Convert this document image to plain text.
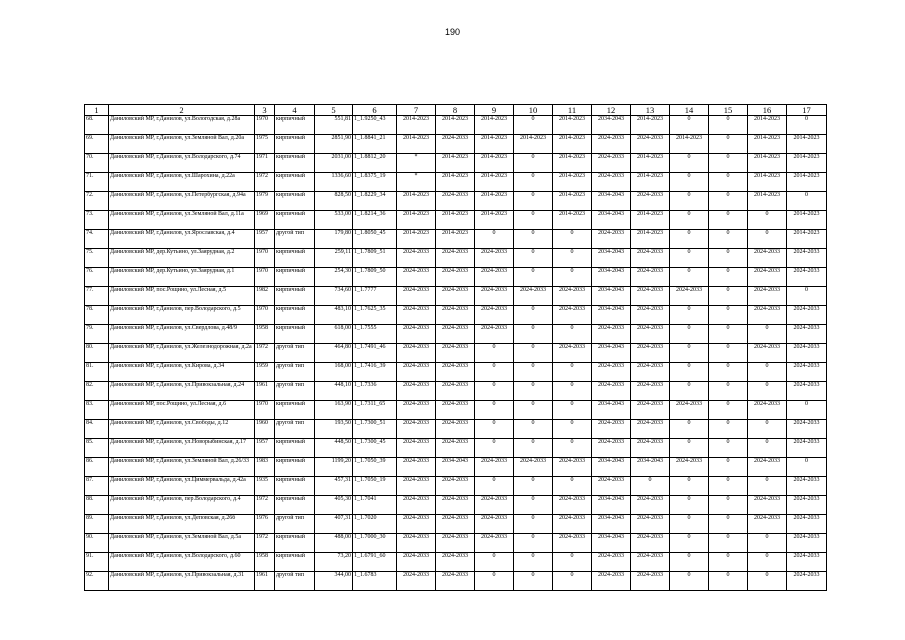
190
1	2	3	4	5	6	7	8	9	10	11	12	13	14	15	16	17
68.	Даниловский МР, г.Данилов, ул.Вологодская, д.28а	1970	кирпичный	551,81	1_1.9250_43	2014-2023	2014-2023	2014-2023	0	2014-2023	2034-2043	2014-2023	0	0	2014-2023	0
69.	Даниловский МР, г.Данилов, ул.Земляной Вал, д.20а	1975	кирпичный	2851,90	1_1.8841_21	2014-2023	2024-2033	2014-2023	2014-2023	2014-2023	2024-2033	2024-2033	2014-2023	0	2014-2023	2014-2023
70.	Даниловский МР, г.Данилов, ул.Володарского, д.74	1971	кирпичный	2031,00	1_1.8812_20	*	2014-2023	2014-2023	0	2014-2023	2024-2033	2014-2023	0	0	2014-2023	2014-2023
71.	Даниловский МР, г.Данилов, ул.Шарохина, д.22а	1972	кирпичный	1336,60	1_1.8375_19	*	2014-2023	2014-2023	0	2014-2023	2024-2033	2014-2023	0	0	2014-2023	2014-2023
72.	Даниловский МР, г.Данилов, ул.Петербургская, д.94а	1979	кирпичный	828,50	1_1.8229_34	2014-2023	2024-2033	2014-2023	0	2014-2023	2034-2043	2024-2033	0	0	2014-2023	0
73.	Даниловский МР, г.Данилов, ул.Земляной Вал, д.11а	1969	кирпичный	533,00	1_1.8214_36	2014-2023	2014-2023	2014-2023	0	2014-2023	2034-2043	2014-2023	0	0	0	2014-2023
74.	Даниловский МР, г.Данилов, ул.Ярославская, д.4	1957	другой тип	179,80	1_1.8050_45	2014-2023	2014-2023	0	0	0	2024-2033	2014-2023	0	0	0	2014-2023
75.	Даниловский МР, дер.Кутьино, ул.Заярудная, д.2	1970	кирпичный	259,11	1_1.7809_51	2024-2033	2024-2033	2024-2033	0	0	2034-2043	2024-2033	0	0	2024-2033	2024-2033
76.	Даниловский МР, дер.Кутьино, ул.Заярудная, д.1	1970	кирпичный	254,30	1_1.7809_50	2024-2033	2024-2033	2024-2033	0	0	2034-2043	2024-2033	0	0	2024-2033	2024-2033
77.	Даниловский МР, пос.Рощино, ул.Лесная, д.5	1982	кирпичный	734,60	1_1.7777	2024-2033	2024-2033	2024-2033	2024-2033	2024-2033	2034-2043	2024-2033	2024-2033	0	2024-2033	0
78.	Даниловский МР, г.Данилов, пер.Володарского, д.5	1970	кирпичный	483,10	1_1.7625_35	2024-2033	2024-2033	2024-2033	0	2024-2033	2034-2043	2024-2033	0	0	2024-2033	2024-2033
79.	Даниловский МР, г.Данилов, ул.Свердлова, д.48/9	1958	кирпичный	618,00	1_1.7555	2024-2033	2024-2033	2024-2033	0	0	2024-2033	2024-2033	0	0	0	2024-2033
80.	Даниловский МР, г.Данилов, ул.Железнодорожная, д.2а	1972	другой тип	464,80	1_1.7491_46	2024-2033	2024-2033	0	0	2024-2033	2034-2043	2024-2033	0	0	2024-2033	2024-2033
81.	Даниловский МР, г.Данилов, ул.Кирова, д.34	1959	другой тип	168,00	1_1.7416_39	2024-2033	2024-2033	0	0	0	2024-2033	2024-2033	0	0	0	2024-2033
82.	Даниловский МР, г.Данилов, ул.Привокзальная, д.24	1961	другой тип	448,10	1_1.7336	2024-2033	2024-2033	0	0	0	2024-2033	2024-2033	0	0	0	2024-2033
83.	Даниловский МР, пос.Рощино, ул.Лесная, д.6	1970	кирпичный	163,90	1_1.7311_65	2024-2033	2024-2033	0	0	0	2034-2043	2024-2033	2024-2033	0	2024-2033	0
84.	Даниловский МР, г.Данилов, ул.Свободы, д.12	1960	другой тип	193,50	1_1.7300_51	2024-2033	2024-2033	0	0	0	2024-2033	2024-2033	0	0	0	2024-2033
85.	Даниловский МР, г.Данилов, ул.Новорыбинская, д.17	1957	кирпичный	448,50	1_1.7300_45	2024-2033	2024-2033	0	0	0	2024-2033	2024-2033	0	0	0	2024-2033
86.	Даниловский МР, г.Данилов, ул.Земляной Вал, д.26/33	1983	кирпичный	1199,20	1_1.7050_39	2024-2033	2034-2043	2024-2033	2024-2033	2024-2033	2034-2043	2034-2043	2024-2033	0	2024-2033	0
87.	Даниловский МР, г.Данилов, ул.Циммервальда, д.42а	1935	кирпичный	457,31	1_1.7050_19	2024-2033	2024-2033	0	0	0	2024-2033	0	0	0	0	2024-2033
88.	Даниловский МР, г.Данилов, пер.Володарского, д.4	1972	кирпичный	405,30	1_1.7041	2024-2033	2024-2033	2024-2033	0	2024-2033	2034-2043	2024-2033	0	0	2024-2033	2024-2033
89.	Даниловский МР, г.Данилов, ул.Деповская, д.26б	1976	другой тип	407,31	1_1.7020	2024-2033	2024-2033	2024-2033	0	2024-2033	2034-2043	2024-2033	0	0	2024-2033	2024-2033
90.	Даниловский МР, г.Данилов, ул.Земляной Вал, д.5а	1972	кирпичный	488,00	1_1.7000_30	2024-2033	2024-2033	2024-2033	0	2024-2033	2034-2043	2024-2033	0	0	0	2024-2033
91.	Даниловский МР, г.Данилов, ул.Володарского, д.60	1958	кирпичный	73,20	1_1.6791_60	2024-2033	2024-2033	0	0	0	2024-2033	2024-2033	0	0	0	2024-2033
92.	Даниловский МР, г.Данилов, ул.Привокзальная, д.31	1961	другой тип	344,00	1_1.6783	2024-2033	2024-2033	0	0	0	2024-2033	2024-2033	0	0	0	2024-2033
